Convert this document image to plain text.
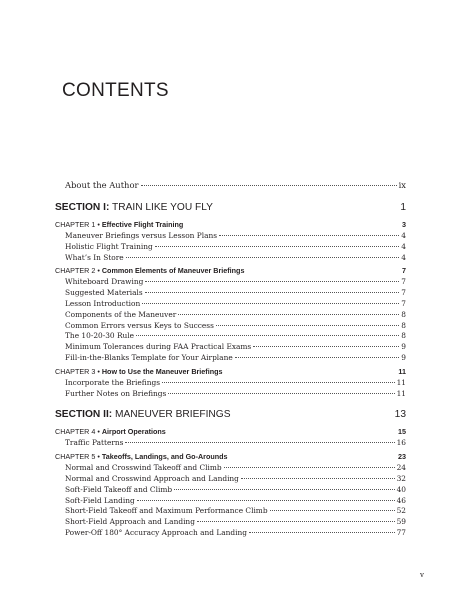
CONTENTS
About the Author	ix
SECTION I: TRAIN LIKE YOU FLY	1
CHAPTER 1 • Effective Flight Training	3
Maneuver Briefings versus Lesson Plans	4
Holistic Flight Training	4
What’s In Store	4
CHAPTER 2 • Common Elements of Maneuver Briefings	7
Whiteboard Drawing	7
Suggested Materials	7
Lesson Introduction	7
Components of the Maneuver	8
Common Errors versus Keys to Success	8
The 10-20-30 Rule	8
Minimum Tolerances during FAA Practical Exams	9
Fill-in-the-Blanks Template for Your Airplane	9
CHAPTER 3 • How to Use the Maneuver Briefings	11
Incorporate the Briefings	11
Further Notes on Briefings	11
SECTION II: MANEUVER BRIEFINGS	13
CHAPTER 4 • Airport Operations	15
Traffic Patterns	16
CHAPTER 5 • Takeoffs, Landings, and Go-Arounds	23
Normal and Crosswind Takeoff and Climb	24
Normal and Crosswind Approach and Landing	32
Soft-Field Takeoff and Climb	40
Soft-Field Landing	46
Short-Field Takeoff and Maximum Performance Climb	52
Short-Field Approach and Landing	59
Power-Off 180° Accuracy Approach and Landing	77
v
